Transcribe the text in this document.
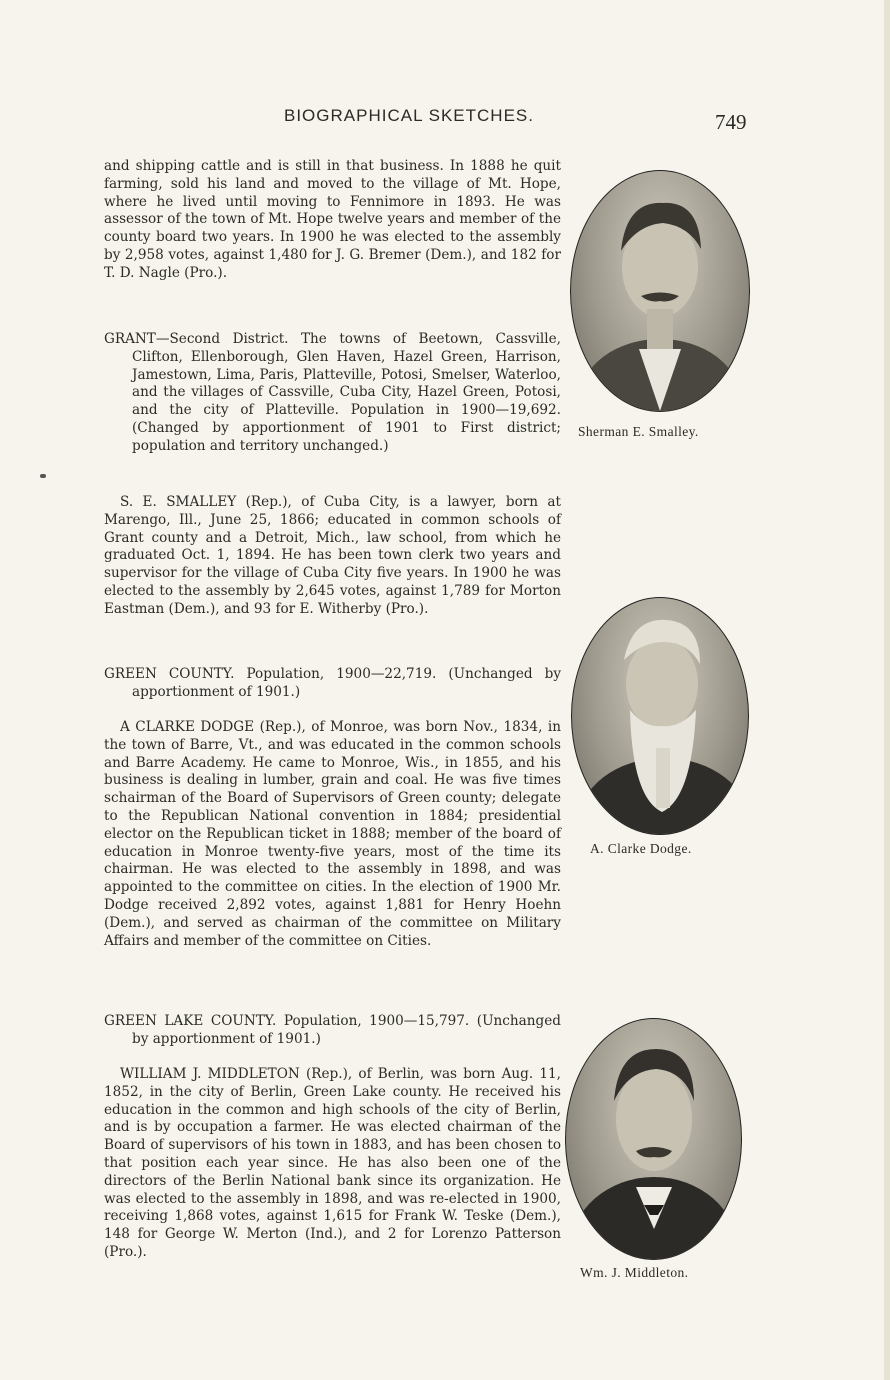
BIOGRAPHICAL SKETCHES.	749

and shipping cattle and is still in that business. In 1888 he quit farming, sold his land and moved to the village of Mt. Hope, where he lived until moving to Fennimore in 1893. He was assessor of the town of Mt. Hope twelve years and member of the county board two years. In 1900 he was elected to the assembly by 2,958 votes, against 1,480 for J. G. Bremer (Dem.), and 182 for T. D. Nagle (Pro.).

GRANT—Second District. The towns of Beetown, Cassville, Clifton, Ellenborough, Glen Haven, Hazel Green, Harrison, Jamestown, Lima, Paris, Platteville, Potosi, Smelser, Waterloo, and the villages of Cassville, Cuba City, Hazel Green, Potosi, and the city of Platteville. Population in 1900—19,692. (Changed by apportionment of 1901 to First district; population and territory unchanged.)

S. E. SMALLEY (Rep.), of Cuba City, is a lawyer, born at Marengo, Ill., June 25, 1866; educated in common schools of Grant county and a Detroit, Mich., law school, from which he graduated Oct. 1, 1894. He has been town clerk two years and supervisor for the village of Cuba City five years. In 1900 he was elected to the assembly by 2,645 votes, against 1,789 for Morton Eastman (Dem.), and 93 for E. Witherby (Pro.).

GREEN COUNTY. Population, 1900—22,719. (Unchanged by apportionment of 1901.)

A CLARKE DODGE (Rep.), of Monroe, was born Nov., 1834, in the town of Barre, Vt., and was educated in the common schools and Barre Academy. He came to Monroe, Wis., in 1855, and his business is dealing in lumber, grain and coal. He was five times schairman of the Board of Supervisors of Green county; delegate to the Republican National convention in 1884; presidential elector on the Republican ticket in 1888; member of the board of education in Monroe twenty-five years, most of the time its chairman. He was elected to the assembly in 1898, and was appointed to the committee on cities. In the election of 1900 Mr. Dodge received 2,892 votes, against 1,881 for Henry Hoehn (Dem.), and served as chairman of the committee on Military Affairs and member of the committee on Cities.

GREEN LAKE COUNTY. Population, 1900—15,797. (Unchanged by apportionment of 1901.)

WILLIAM J. MIDDLETON (Rep.), of Berlin, was born Aug. 11, 1852, in the city of Berlin, Green Lake county. He received his education in the common and high schools of the city of Berlin, and is by occupation a farmer. He was elected chairman of the Board of supervisors of his town in 1883, and has been chosen to that position each year since. He has also been one of the directors of the Berlin National bank since its organization. He was elected to the assembly in 1898, and was re-elected in 1900, receiving 1,868 votes, against 1,615 for Frank W. Teske (Dem.), 148 for George W. Merton (Ind.), and 2 for Lorenzo Patterson (Pro.).

Sherman E. Smalley.
A. Clarke Dodge.
Wm. J. Middleton.
